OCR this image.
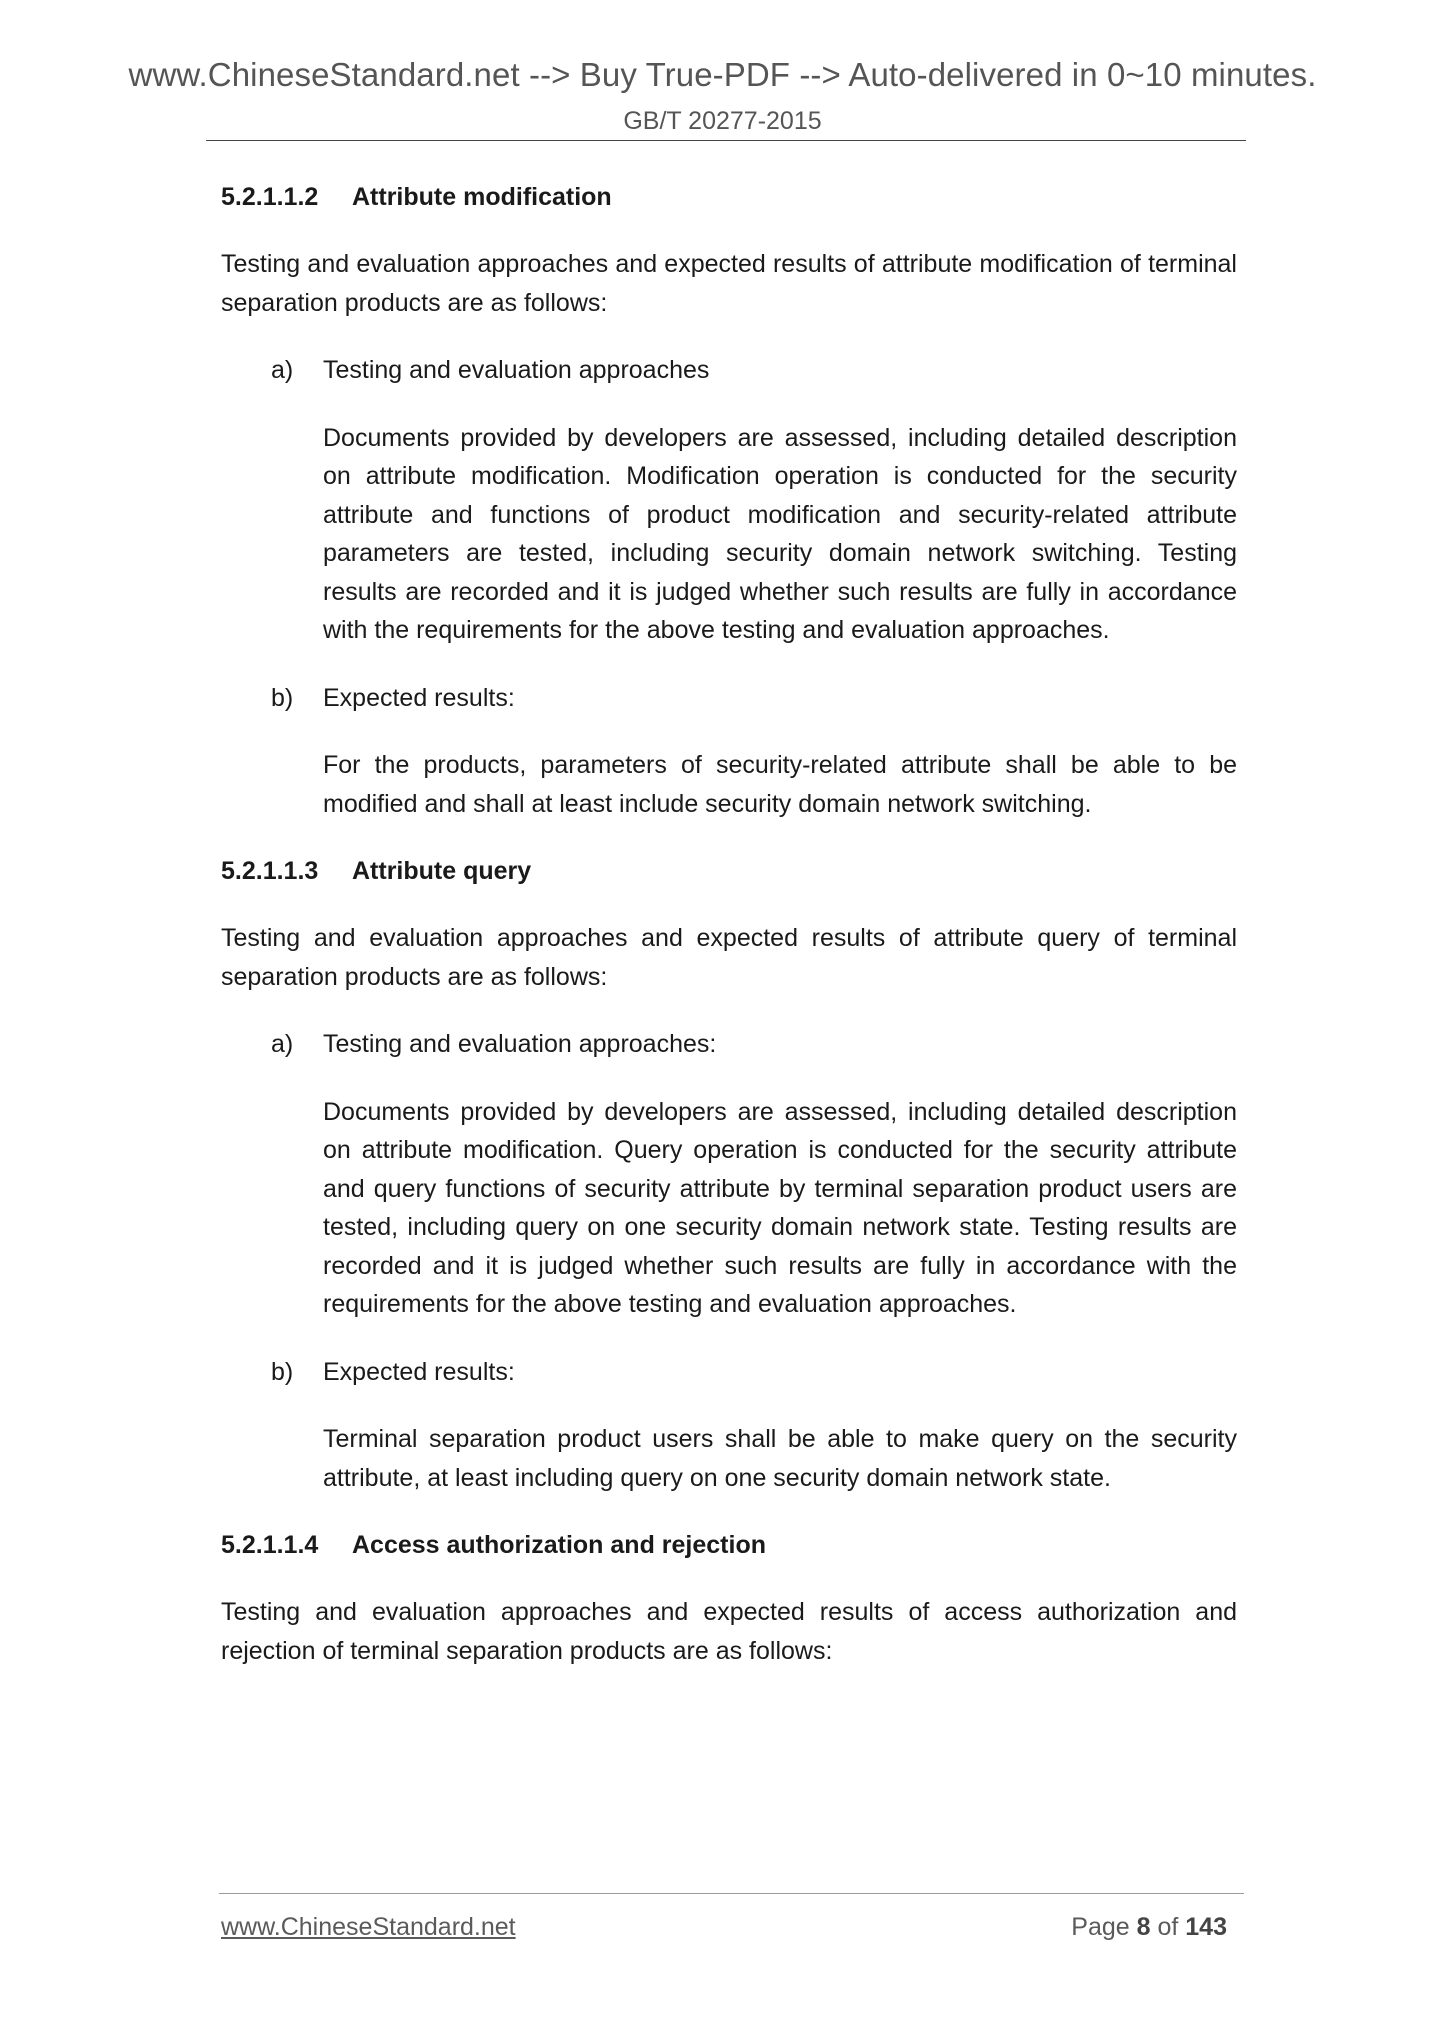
www.ChineseStandard.net --> Buy True-PDF --> Auto-delivered in 0~10 minutes.
GB/T 20277-2015

5.2.1.1.2 Attribute modification

Testing and evaluation approaches and expected results of attribute modification of terminal separation products are as follows:

a) Testing and evaluation approaches

Documents provided by developers are assessed, including detailed description on attribute modification. Modification operation is conducted for the security attribute and functions of product modification and security-related attribute parameters are tested, including security domain network switching. Testing results are recorded and it is judged whether such results are fully in accordance with the requirements for the above testing and evaluation approaches.

b) Expected results:

For the products, parameters of security-related attribute shall be able to be modified and shall at least include security domain network switching.

5.2.1.1.3 Attribute query

Testing and evaluation approaches and expected results of attribute query of terminal separation products are as follows:

a) Testing and evaluation approaches:

Documents provided by developers are assessed, including detailed description on attribute modification. Query operation is conducted for the security attribute and query functions of security attribute by terminal separation product users are tested, including query on one security domain network state. Testing results are recorded and it is judged whether such results are fully in accordance with the requirements for the above testing and evaluation approaches.

b) Expected results:

Terminal separation product users shall be able to make query on the security attribute, at least including query on one security domain network state.

5.2.1.1.4 Access authorization and rejection

Testing and evaluation approaches and expected results of access authorization and rejection of terminal separation products are as follows:

www.ChineseStandard.net	Page 8 of 143
